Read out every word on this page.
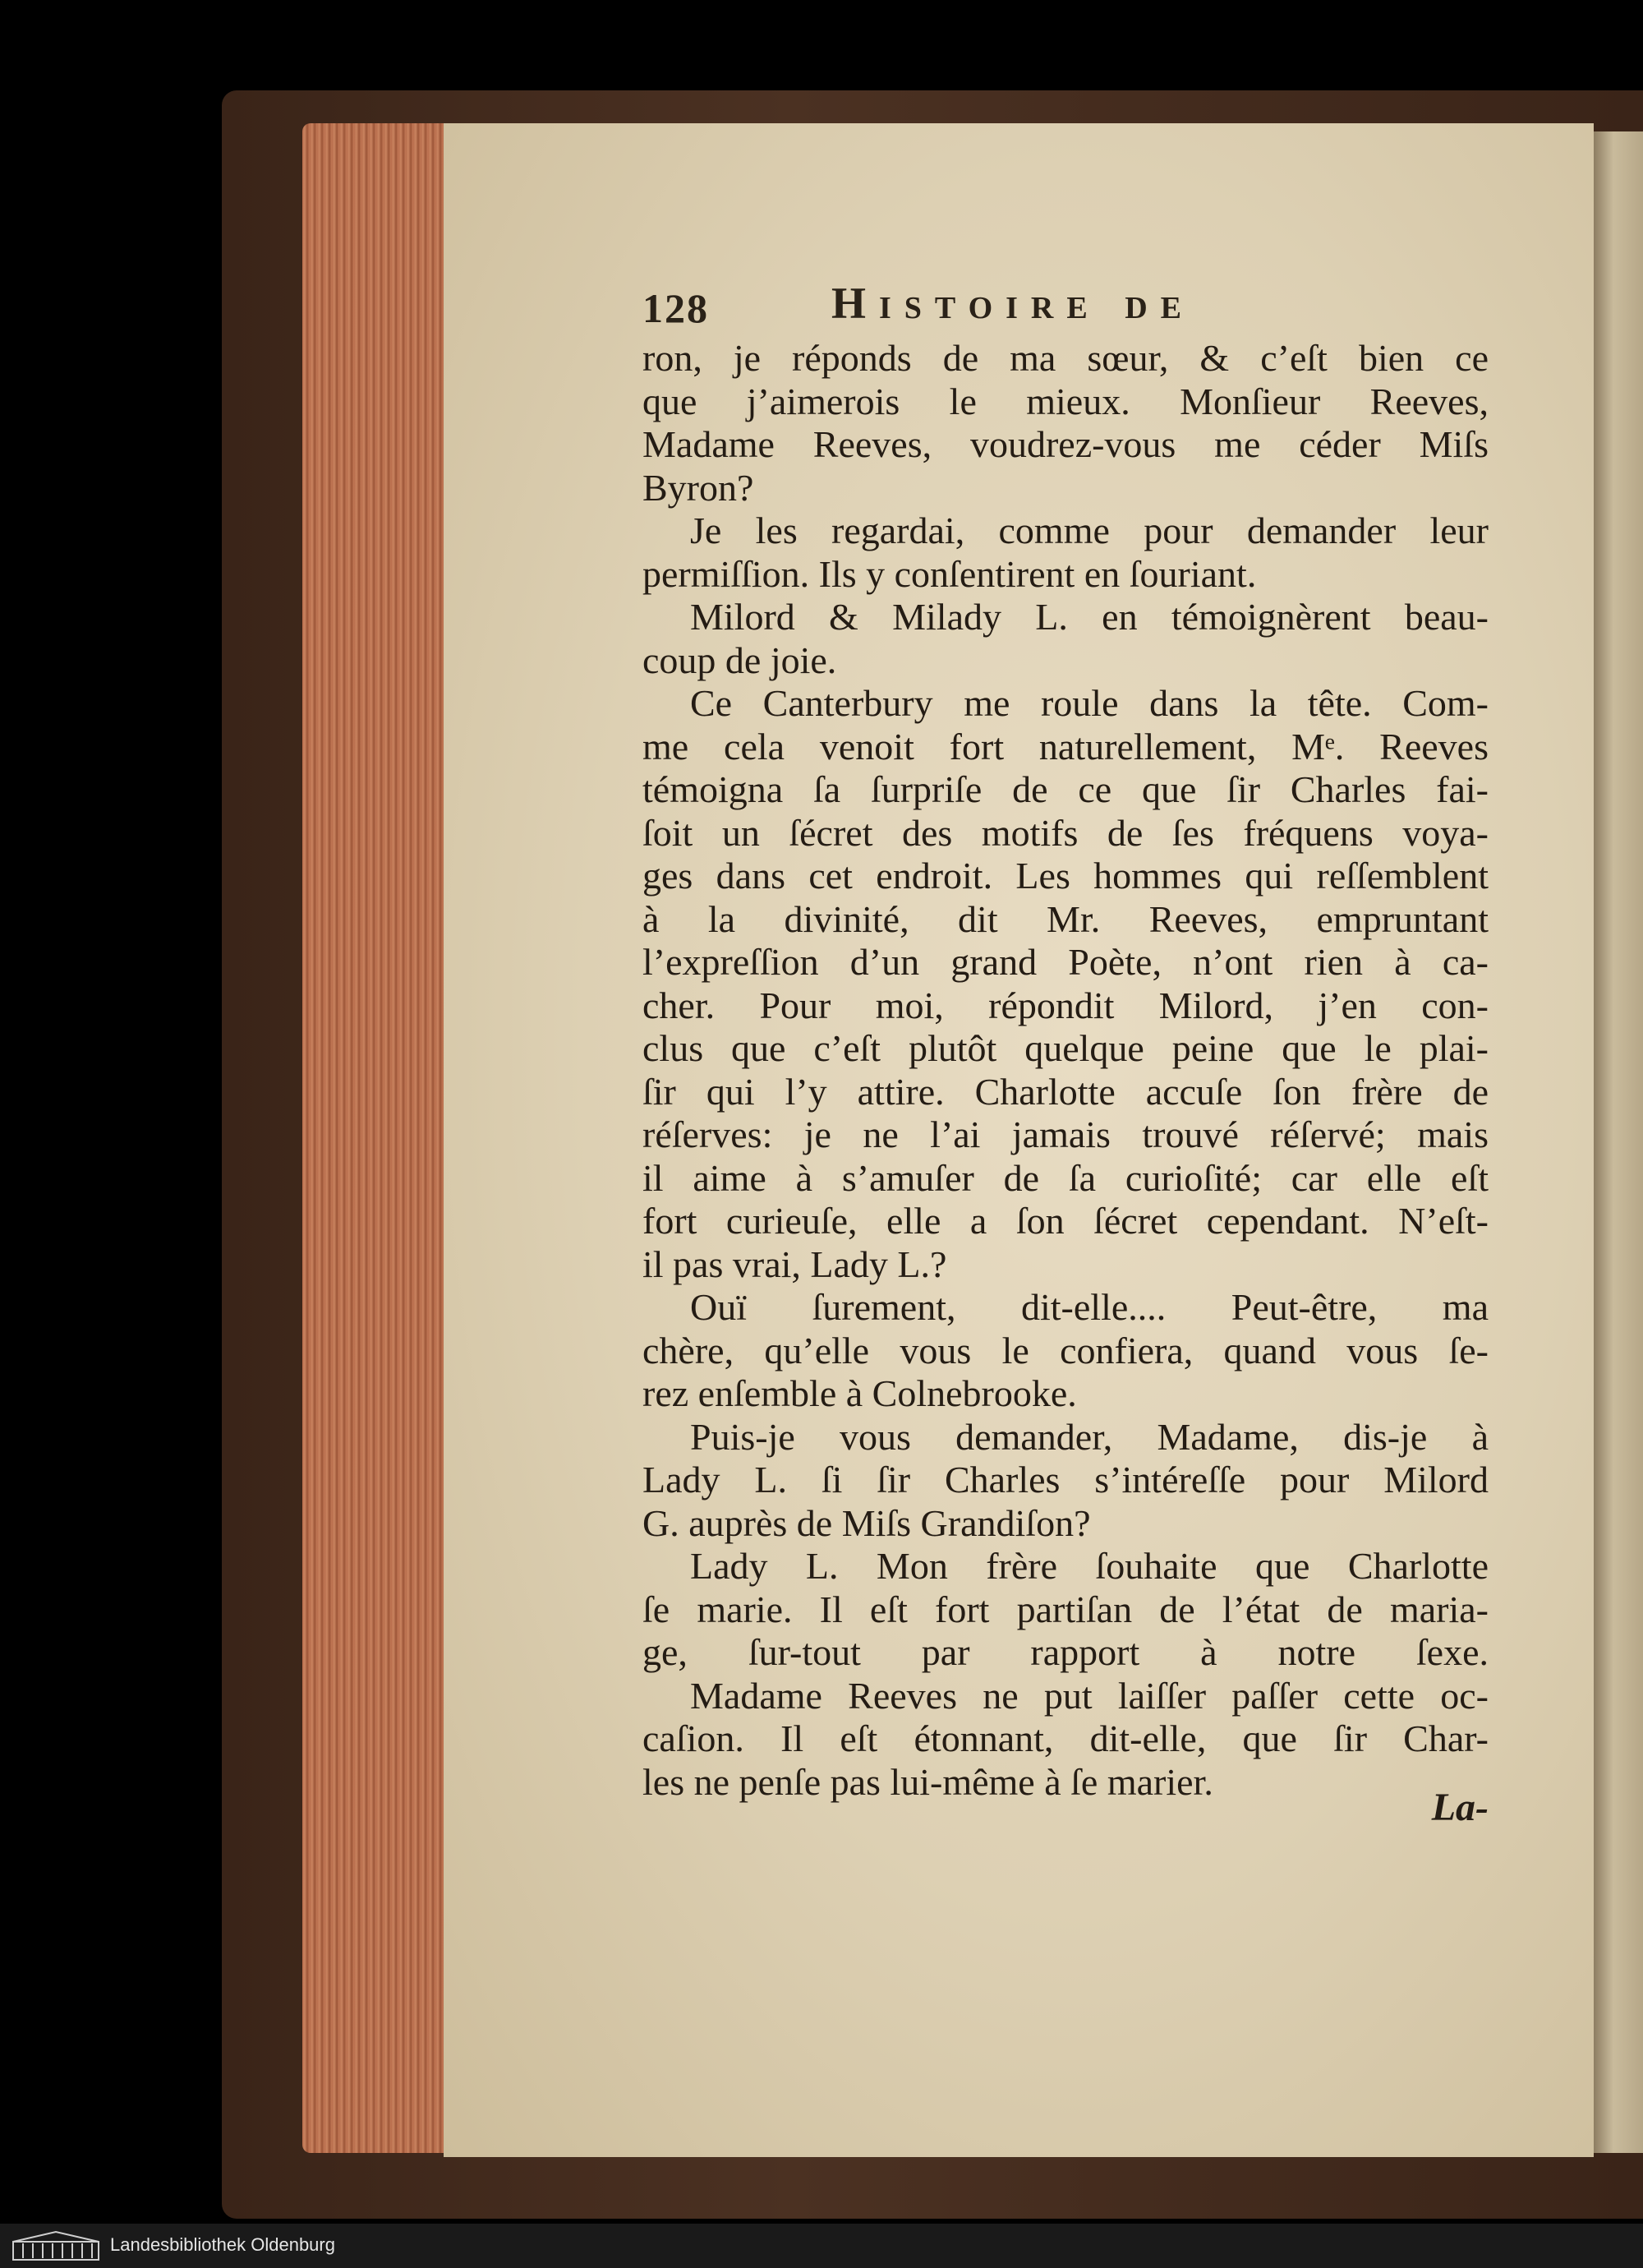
128	Histoire de
ron, je réponds de ma sœur, & c’eſt bien ce
que j’aimerois le mieux. Monſieur Reeves,
Madame Reeves, voudrez-vous me céder Miſs
Byron?
Je les regardai, comme pour demander leur
permiſſion. Ils y conſentirent en ſouriant.
Milord & Milady L. en témoignèrent beau-
coup de joie.
Ce Canterbury me roule dans la tête. Com-
me cela venoit fort naturellement, Mᵉ. Reeves
témoigna ſa ſurpriſe de ce que ſir Charles fai-
ſoit un ſécret des motifs de ſes fréquens voya-
ges dans cet endroit. Les hommes qui reſſemblent
à la divinité, dit Mr. Reeves, empruntant
l’expreſſion d’un grand Poète, n’ont rien à ca-
cher. Pour moi, répondit Milord, j’en con-
clus que c’eſt plutôt quelque peine que le plai-
ſir qui l’y attire. Charlotte accuſe ſon frère de
réſerves: je ne l’ai jamais trouvé réſervé; mais
il aime à s’amuſer de ſa curioſité; car elle eſt
fort curieuſe, elle a ſon ſécret cependant. N’eſt-
il pas vrai, Lady L.?
Ouï ſurement, dit-elle.... Peut-être, ma
chère, qu’elle vous le confiera, quand vous ſe-
rez enſemble à Colnebrooke.
Puis-je vous demander, Madame, dis-je à
Lady L. ſi ſir Charles s’intéreſſe pour Milord
G. auprès de Miſs Grandiſon?
Lady L. Mon frère ſouhaite que Charlotte
ſe marie. Il eſt fort partiſan de l’état de maria-
ge, ſur-tout par rapport à notre ſexe.
Madame Reeves ne put laiſſer paſſer cette oc-
caſion. Il eſt étonnant, dit-elle, que ſir Char-
les ne penſe pas lui-même à ſe marier.
La-
Landesbibliothek Oldenburg
